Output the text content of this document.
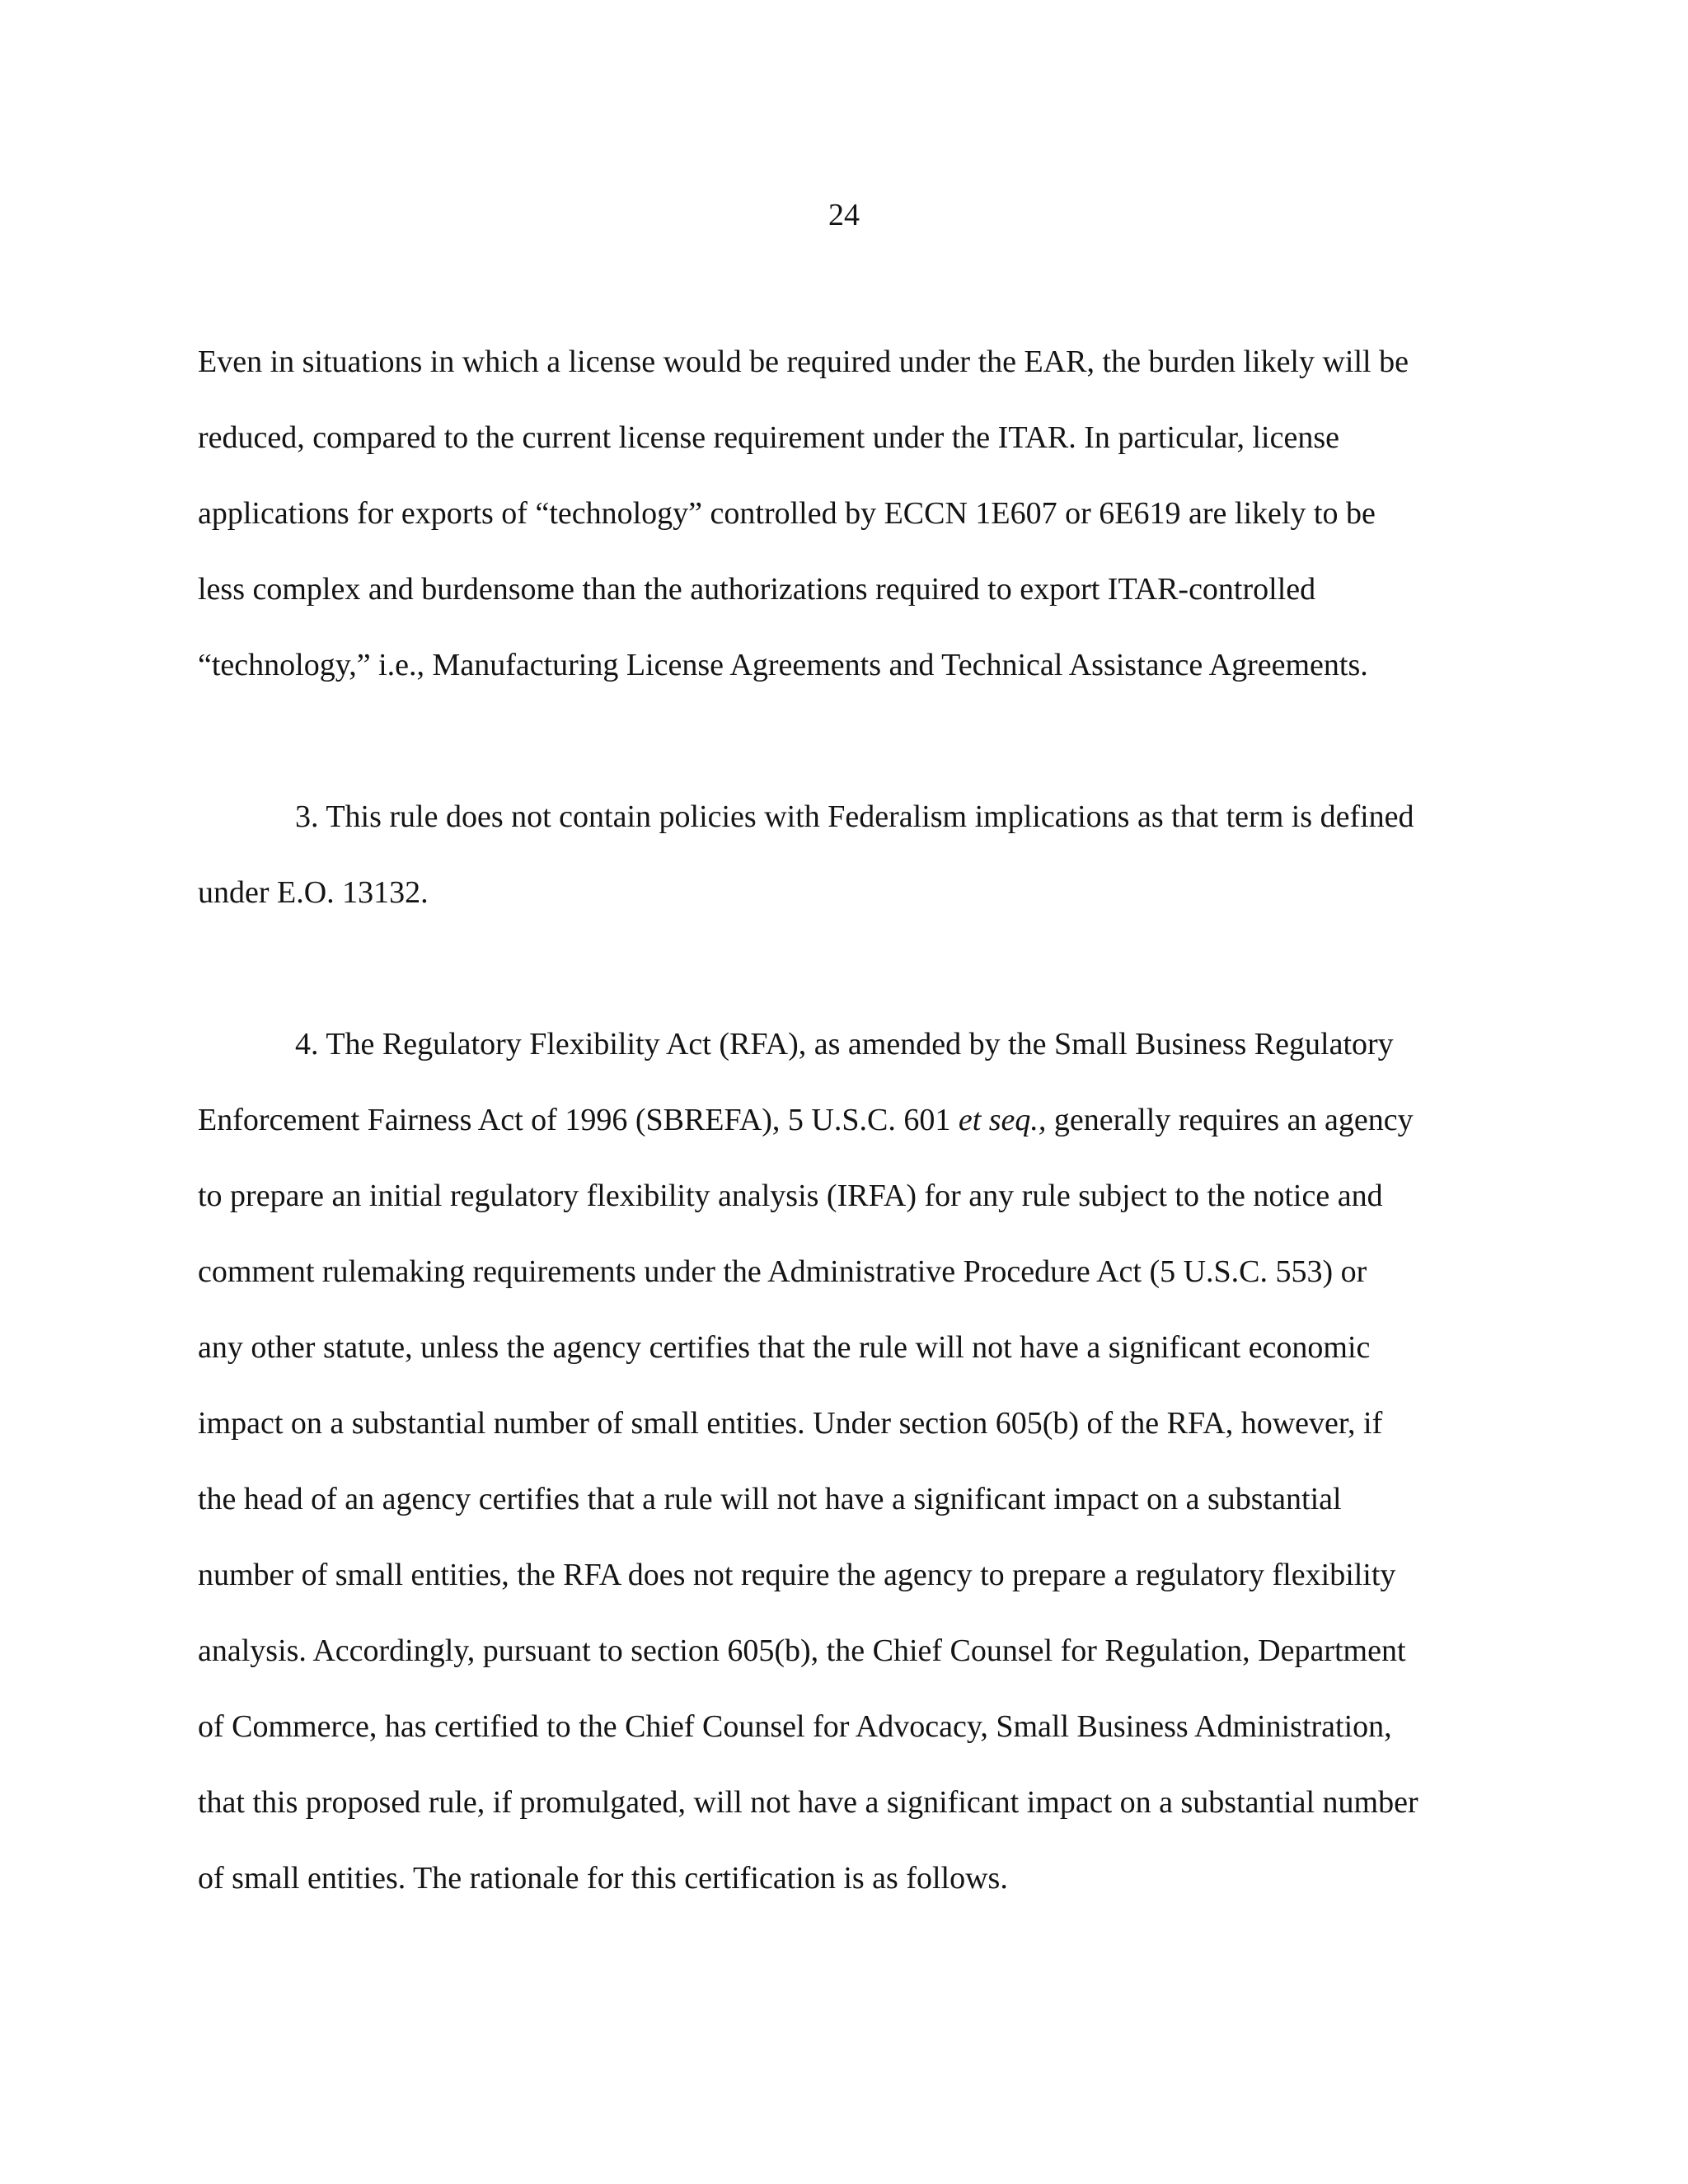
24
Even in situations in which a license would be required under the EAR, the burden likely will be
reduced, compared to the current license requirement under the ITAR. In particular, license
applications for exports of “technology” controlled by ECCN 1E607 or 6E619 are likely to be
less complex and burdensome than the authorizations required to export ITAR-controlled
“technology,” i.e., Manufacturing License Agreements and Technical Assistance Agreements.
3. This rule does not contain policies with Federalism implications as that term is defined
under E.O. 13132.
4. The Regulatory Flexibility Act (RFA), as amended by the Small Business Regulatory
Enforcement Fairness Act of 1996 (SBREFA), 5 U.S.C. 601 et seq., generally requires an agency
to prepare an initial regulatory flexibility analysis (IRFA) for any rule subject to the notice and
comment rulemaking requirements under the Administrative Procedure Act (5 U.S.C. 553) or
any other statute, unless the agency certifies that the rule will not have a significant economic
impact on a substantial number of small entities. Under section 605(b) of the RFA, however, if
the head of an agency certifies that a rule will not have a significant impact on a substantial
number of small entities, the RFA does not require the agency to prepare a regulatory flexibility
analysis. Accordingly, pursuant to section 605(b), the Chief Counsel for Regulation, Department
of Commerce, has certified to the Chief Counsel for Advocacy, Small Business Administration,
that this proposed rule, if promulgated, will not have a significant impact on a substantial number
of small entities. The rationale for this certification is as follows.
